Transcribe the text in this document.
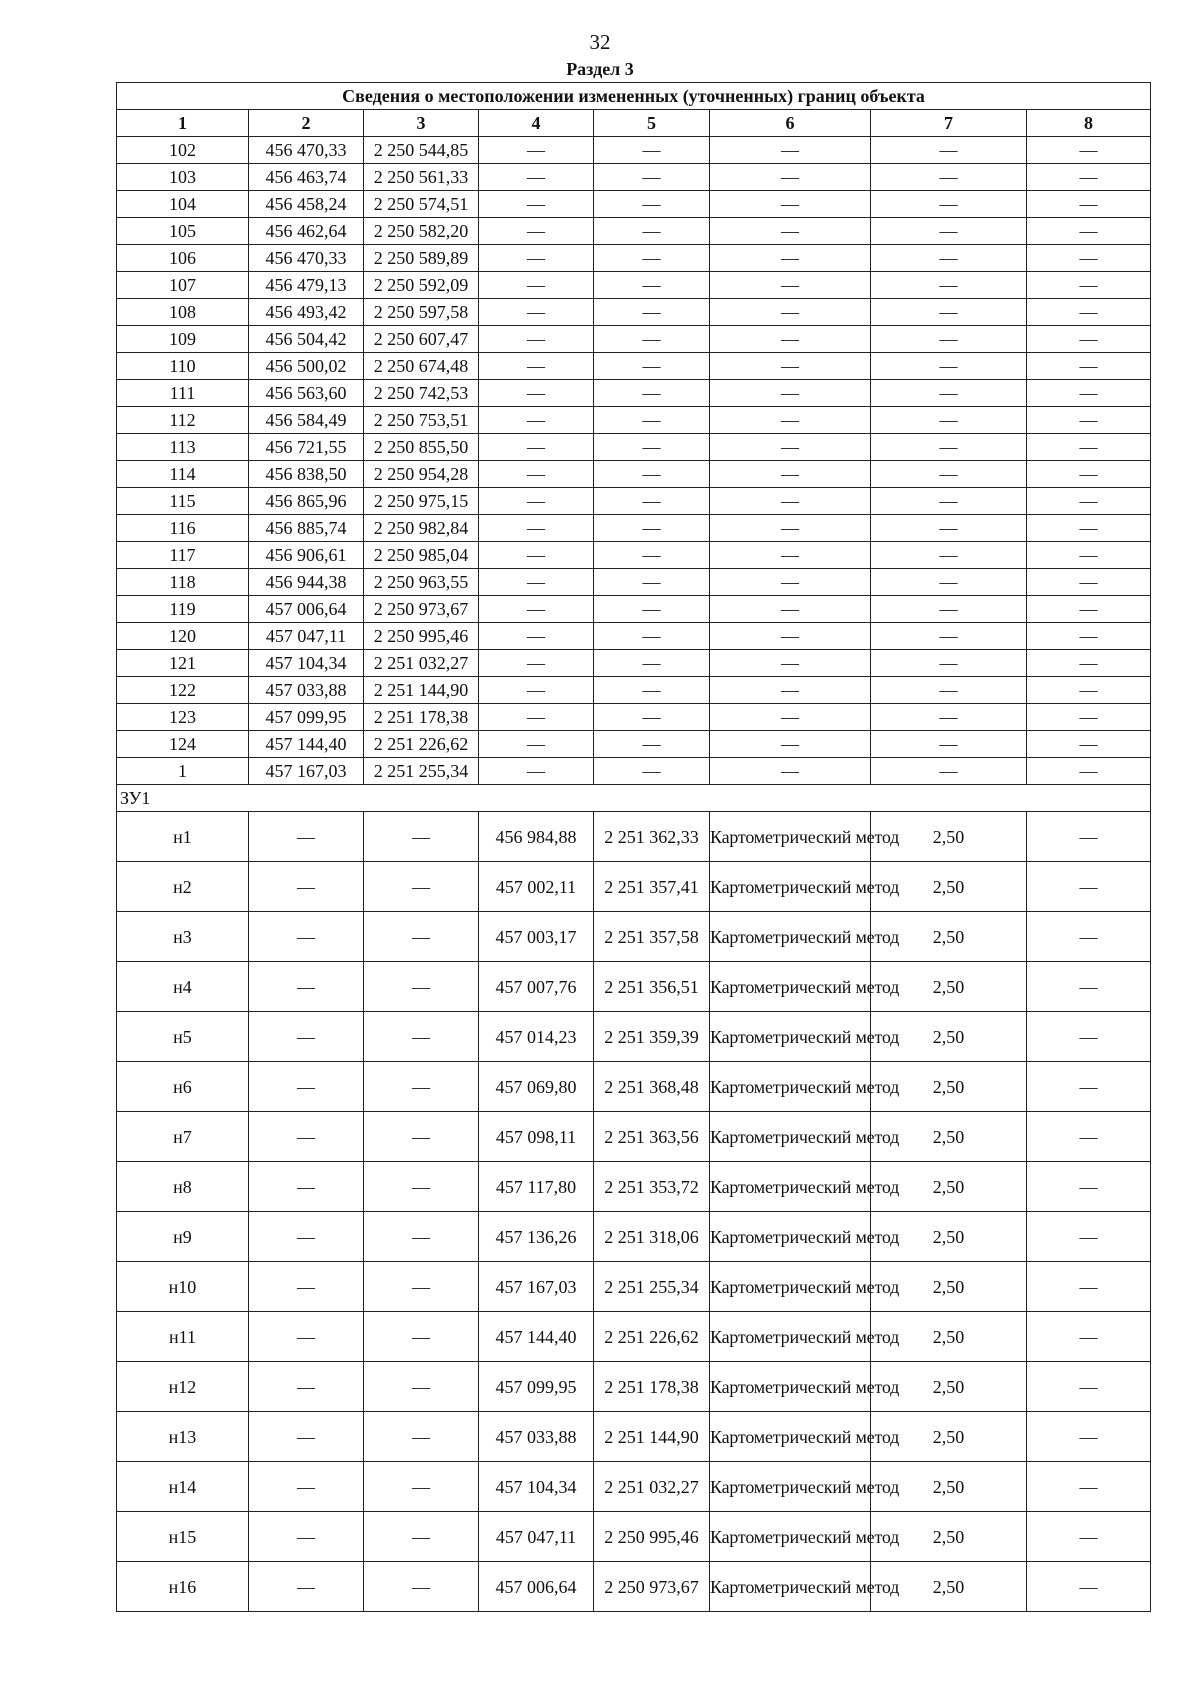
32
Раздел 3
Сведения о местоположении измененных (уточненных) границ объекта							
1	2	3	4	5	6	7	8
102	456 470,33	2 250 544,85	—	—	—	—	—
103	456 463,74	2 250 561,33	—	—	—	—	—
104	456 458,24	2 250 574,51	—	—	—	—	—
105	456 462,64	2 250 582,20	—	—	—	—	—
106	456 470,33	2 250 589,89	—	—	—	—	—
107	456 479,13	2 250 592,09	—	—	—	—	—
108	456 493,42	2 250 597,58	—	—	—	—	—
109	456 504,42	2 250 607,47	—	—	—	—	—
110	456 500,02	2 250 674,48	—	—	—	—	—
111	456 563,60	2 250 742,53	—	—	—	—	—
112	456 584,49	2 250 753,51	—	—	—	—	—
113	456 721,55	2 250 855,50	—	—	—	—	—
114	456 838,50	2 250 954,28	—	—	—	—	—
115	456 865,96	2 250 975,15	—	—	—	—	—
116	456 885,74	2 250 982,84	—	—	—	—	—
117	456 906,61	2 250 985,04	—	—	—	—	—
118	456 944,38	2 250 963,55	—	—	—	—	—
119	457 006,64	2 250 973,67	—	—	—	—	—
120	457 047,11	2 250 995,46	—	—	—	—	—
121	457 104,34	2 251 032,27	—	—	—	—	—
122	457 033,88	2 251 144,90	—	—	—	—	—
123	457 099,95	2 251 178,38	—	—	—	—	—
124	457 144,40	2 251 226,62	—	—	—	—	—
1	457 167,03	2 251 255,34	—	—	—	—	—
ЗУ1							
н1	—	—	456 984,88	2 251 362,33	Картометрический метод	2,50	—
н2	—	—	457 002,11	2 251 357,41	Картометрический метод	2,50	—
н3	—	—	457 003,17	2 251 357,58	Картометрический метод	2,50	—
н4	—	—	457 007,76	2 251 356,51	Картометрический метод	2,50	—
н5	—	—	457 014,23	2 251 359,39	Картометрический метод	2,50	—
н6	—	—	457 069,80	2 251 368,48	Картометрический метод	2,50	—
н7	—	—	457 098,11	2 251 363,56	Картометрический метод	2,50	—
н8	—	—	457 117,80	2 251 353,72	Картометрический метод	2,50	—
н9	—	—	457 136,26	2 251 318,06	Картометрический метод	2,50	—
н10	—	—	457 167,03	2 251 255,34	Картометрический метод	2,50	—
н11	—	—	457 144,40	2 251 226,62	Картометрический метод	2,50	—
н12	—	—	457 099,95	2 251 178,38	Картометрический метод	2,50	—
н13	—	—	457 033,88	2 251 144,90	Картометрический метод	2,50	—
н14	—	—	457 104,34	2 251 032,27	Картометрический метод	2,50	—
н15	—	—	457 047,11	2 250 995,46	Картометрический метод	2,50	—
н16	—	—	457 006,64	2 250 973,67	Картометрический метод	2,50	—
